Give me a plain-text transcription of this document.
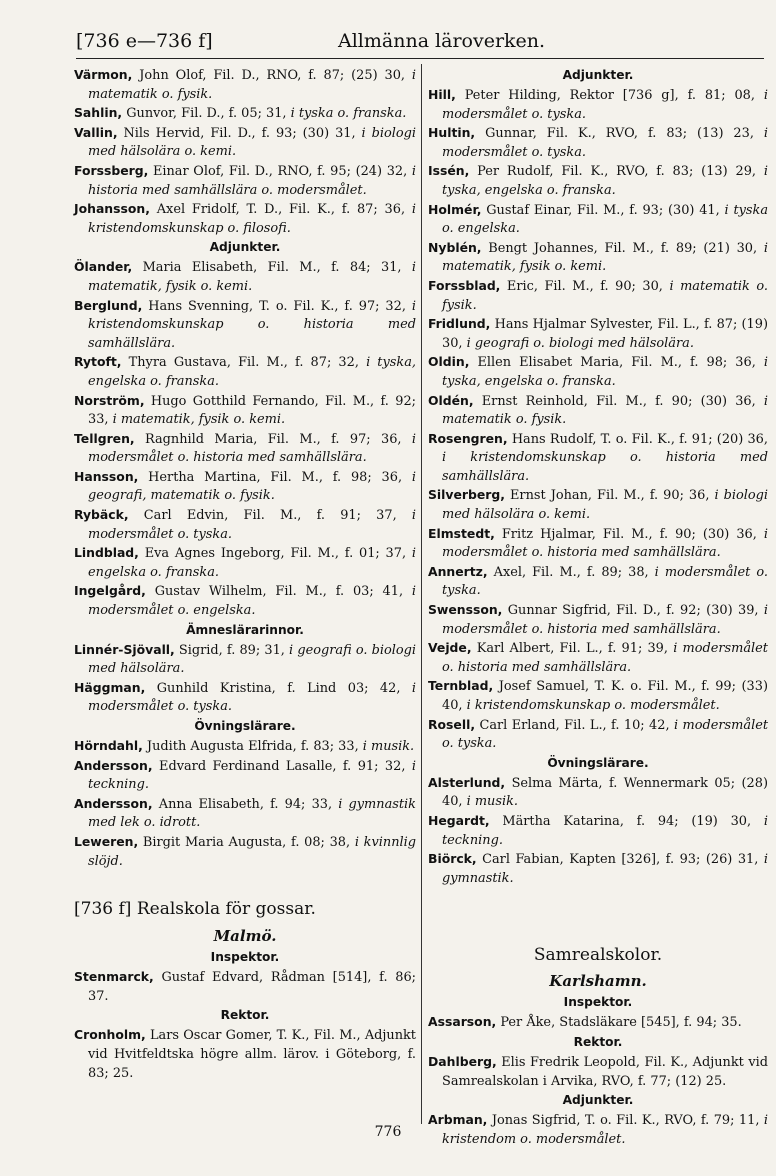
[736 e—736 f]	Allmänna läroverken.

Värmon, John Olof, Fil. D., RNO, f. 87; (25) 30, i matematik o. fysik.

Sahlin, Gunvor, Fil. D., f. 05; 31, i tyska o. franska.

Vallin, Nils Hervid, Fil. D., f. 93; (30) 31, i biologi med hälsolära o. kemi.

Forssberg, Einar Olof, Fil. D., RNO, f. 95; (24) 32, i historia med samhällslära o. modersmålet.

Johansson, Axel Fridolf, T. D., Fil. K., f. 87; 36, i kristendomskunskap o. filosofi.

Adjunkter.

Ölander, Maria Elisabeth, Fil. M., f. 84; 31, i matematik, fysik o. kemi.

Berglund, Hans Svenning, T. o. Fil. K., f. 97; 32, i kristendomskunskap o. historia med samhällslära.

Rytoft, Thyra Gustava, Fil. M., f. 87; 32, i tyska, engelska o. franska.

Norström, Hugo Gotthild Fernando, Fil. M., f. 92; 33, i matematik, fysik o. kemi.

Tellgren, Ragnhild Maria, Fil. M., f. 97; 36, i modersmålet o. historia med samhällslära.

Hansson, Hertha Martina, Fil. M., f. 98; 36, i geografi, matematik o. fysik.

Rybäck, Carl Edvin, Fil. M., f. 91; 37, i modersmålet o. tyska.

Lindblad, Eva Agnes Ingeborg, Fil. M., f. 01; 37, i engelska o. franska.

Ingelgård, Gustav Wilhelm, Fil. M., f. 03; 41, i modersmålet o. engelska.

Ämneslärarinnor.

Linnér-Sjövall, Sigrid, f. 89; 31, i geografi o. biologi med hälsolära.

Häggman, Gunhild Kristina, f. Lind 03; 42, i modersmålet o. tyska.

Övningslärare.

Hörndahl, Judith Augusta Elfrida, f. 83; 33, i musik.

Andersson, Edvard Ferdinand Lasalle, f. 91; 32, i teckning.

Andersson, Anna Elisabeth, f. 94; 33, i gymnastik med lek o. idrott.

Leweren, Birgit Maria Augusta, f. 08; 38, i kvinnlig slöjd.

[736 f] Realskola för gossar.
Malmö.
Inspektor.

Stenmarck, Gustaf Edvard, Rådman [514], f. 86; 37.

Rektor.

Cronholm, Lars Oscar Gomer, T. K., Fil. M., Adjunkt vid Hvitfeldtska högre allm. lärov. i Göteborg, f. 83; 25.

Adjunkter.

Hill, Peter Hilding, Rektor [736 g], f. 81; 08, i modersmålet o. tyska.

Hultin, Gunnar, Fil. K., RVO, f. 83; (13) 23, i modersmålet o. tyska.

Issén, Per Rudolf, Fil. K., RVO, f. 83; (13) 29, i tyska, engelska o. franska.

Holmér, Gustaf Einar, Fil. M., f. 93; (30) 41, i tyska o. engelska.

Nyblén, Bengt Johannes, Fil. M., f. 89; (21) 30, i matematik, fysik o. kemi.

Forssblad, Eric, Fil. M., f. 90; 30, i matematik o. fysik.

Fridlund, Hans Hjalmar Sylvester, Fil. L., f. 87; (19) 30, i geografi o. biologi med hälsolära.

Oldin, Ellen Elisabet Maria, Fil. M., f. 98; 36, i tyska, engelska o. franska.

Oldén, Ernst Reinhold, Fil. M., f. 90; (30) 36, i matematik o. fysik.

Rosengren, Hans Rudolf, T. o. Fil. K., f. 91; (20) 36, i kristendomskunskap o. historia med samhällslära.

Silverberg, Ernst Johan, Fil. M., f. 90; 36, i biologi med hälsolära o. kemi.

Elmstedt, Fritz Hjalmar, Fil. M., f. 90; (30) 36, i modersmålet o. historia med samhällslära.

Annertz, Axel, Fil. M., f. 89; 38, i modersmålet o. tyska.

Swensson, Gunnar Sigfrid, Fil. D., f. 92; (30) 39, i modersmålet o. historia med samhällslära.

Vejde, Karl Albert, Fil. L., f. 91; 39, i modersmålet o. historia med samhällslära.

Ternblad, Josef Samuel, T. K. o. Fil. M., f. 99; (33) 40, i kristendomskunskap o. modersmålet.

Rosell, Carl Erland, Fil. L., f. 10; 42, i modersmålet o. tyska.

Övningslärare.

Alsterlund, Selma Märta, f. Wennermark 05; (28) 40, i musik.

Hegardt, Märtha Katarina, f. 94; (19) 30, i teckning.

Biörck, Carl Fabian, Kapten [326], f. 93; (26) 31, i gymnastik.

Samrealskolor.
Karlshamn.
Inspektor.

Assarson, Per Åke, Stadsläkare [545], f. 94; 35.

Rektor.

Dahlberg, Elis Fredrik Leopold, Fil. K., Adjunkt vid Samrealskolan i Arvika, RVO, f. 77; (12) 25.

Adjunkter.

Arbman, Jonas Sigfrid, T. o. Fil. K., RVO, f. 79; 11, i kristendom o. modersmålet.

776
